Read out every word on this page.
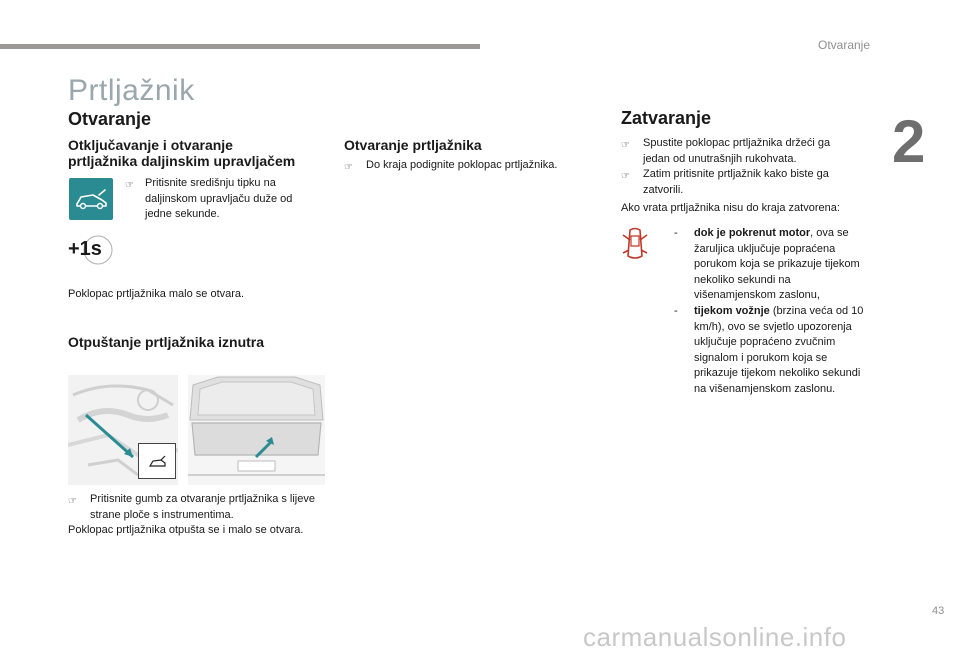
Otvaranje
2
Prtljažnik
Otvaranje
Otključavanje i otvaranje
prtljažnika daljinskim upravljačem
☞ Pritisnite središnju tipku na daljinskom upravljaču duže od jedne sekunde.
+1s
Poklopac prtljažnika malo se otvara.
Otpuštanje prtljažnika iznutra
☞ Pritisnite gumb za otvaranje prtljažnika s lijeve strane ploče s instrumentima.
Poklopac prtljažnika otpušta se i malo se otvara.
Otvaranje prtljažnika
☞ Do kraja podignite poklopac prtljažnika.
Zatvaranje
☞ Spustite poklopac prtljažnika držeći ga jedan od unutrašnjih rukohvata.
☞ Zatim pritisnite prtljažnik kako biste ga zatvorili.
Ako vrata prtljažnika nisu do kraja zatvorena:
- dok je pokrenut motor, ova se žaruljica uključuje popraćena porukom koja se prikazuje tijekom nekoliko sekundi na višenamjenskom zaslonu,
- tijekom vožnje (brzina veća od 10 km/h), ovo se svjetlo upozorenja uključuje popraćeno zvučnim signalom i porukom koja se prikazuje tijekom nekoliko sekundi na višenamjenskom zaslonu.
43
carmanualsonline.info
